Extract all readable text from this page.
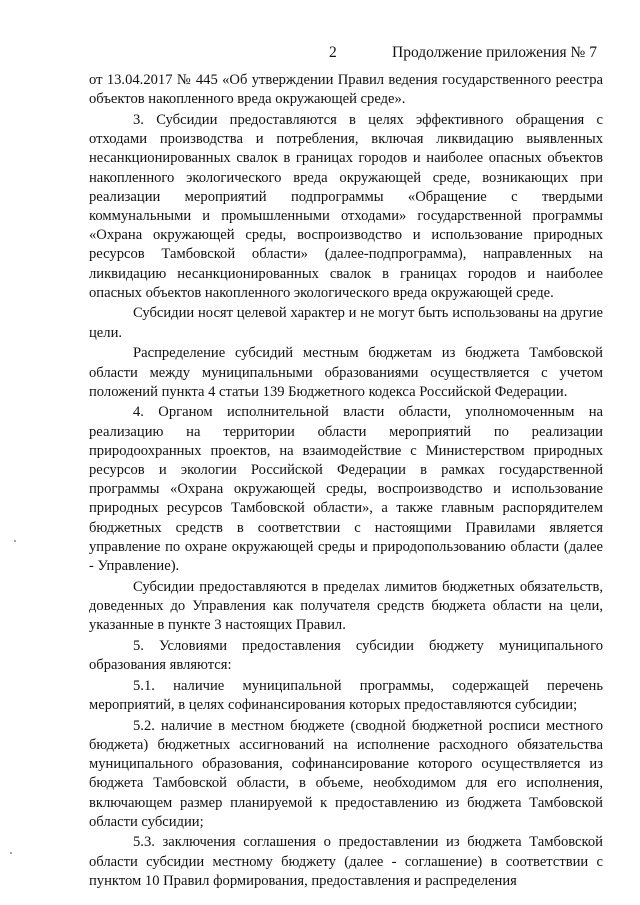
2	Продолжение приложения № 7

от 13.04.2017 № 445 «Об утверждении Правил ведения государственного реестра объектов накопленного вреда окружающей среде».

3. Субсидии предоставляются в целях эффективного обращения с отходами производства и потребления, включая ликвидацию выявленных несанкционированных свалок в границах городов и наиболее опасных объектов накопленного экологического вреда окружающей среде, возникающих при реализации мероприятий подпрограммы «Обращение с твердыми коммунальными и промышленными отходами» государственной программы «Охрана окружающей среды, воспроизводство и использование природных ресурсов Тамбовской области» (далее-подпрограмма), направленных на ликвидацию несанкционированных свалок в границах городов и наиболее опасных объектов накопленного экологического вреда окружающей среде.

Субсидии носят целевой характер и не могут быть использованы на другие цели.

Распределение субсидий местным бюджетам из бюджета Тамбовской области между муниципальными образованиями осуществляется с учетом положений пункта 4 статьи 139 Бюджетного кодекса Российской Федерации.

4. Органом исполнительной власти области, уполномоченным на реализацию на территории области мероприятий по реализации природоохранных проектов, на взаимодействие с Министерством природных ресурсов и экологии Российской Федерации в рамках государственной программы «Охрана окружающей среды, воспроизводство и использование природных ресурсов Тамбовской области», а также главным распорядителем бюджетных средств в соответствии с настоящими Правилами является управление по охране окружающей среды и природопользованию области (далее - Управление).

Субсидии предоставляются в пределах лимитов бюджетных обязательств, доведенных до Управления как получателя средств бюджета области на цели, указанные в пункте 3 настоящих Правил.

5. Условиями предоставления субсидии бюджету муниципального образования являются:

5.1. наличие муниципальной программы, содержащей перечень мероприятий, в целях софинансирования которых предоставляются субсидии;

5.2. наличие в местном бюджете (сводной бюджетной росписи местного бюджета) бюджетных ассигнований на исполнение расходного обязательства муниципального образования, софинансирование которого осуществляется из бюджета Тамбовской области, в объеме, необходимом для его исполнения, включающем размер планируемой к предоставлению из бюджета Тамбовской области субсидии;

5.3. заключения соглашения о предоставлении из бюджета Тамбовской области субсидии местному бюджету (далее - соглашение) в соответствии с пунктом 10 Правил формирования, предоставления и распределения
